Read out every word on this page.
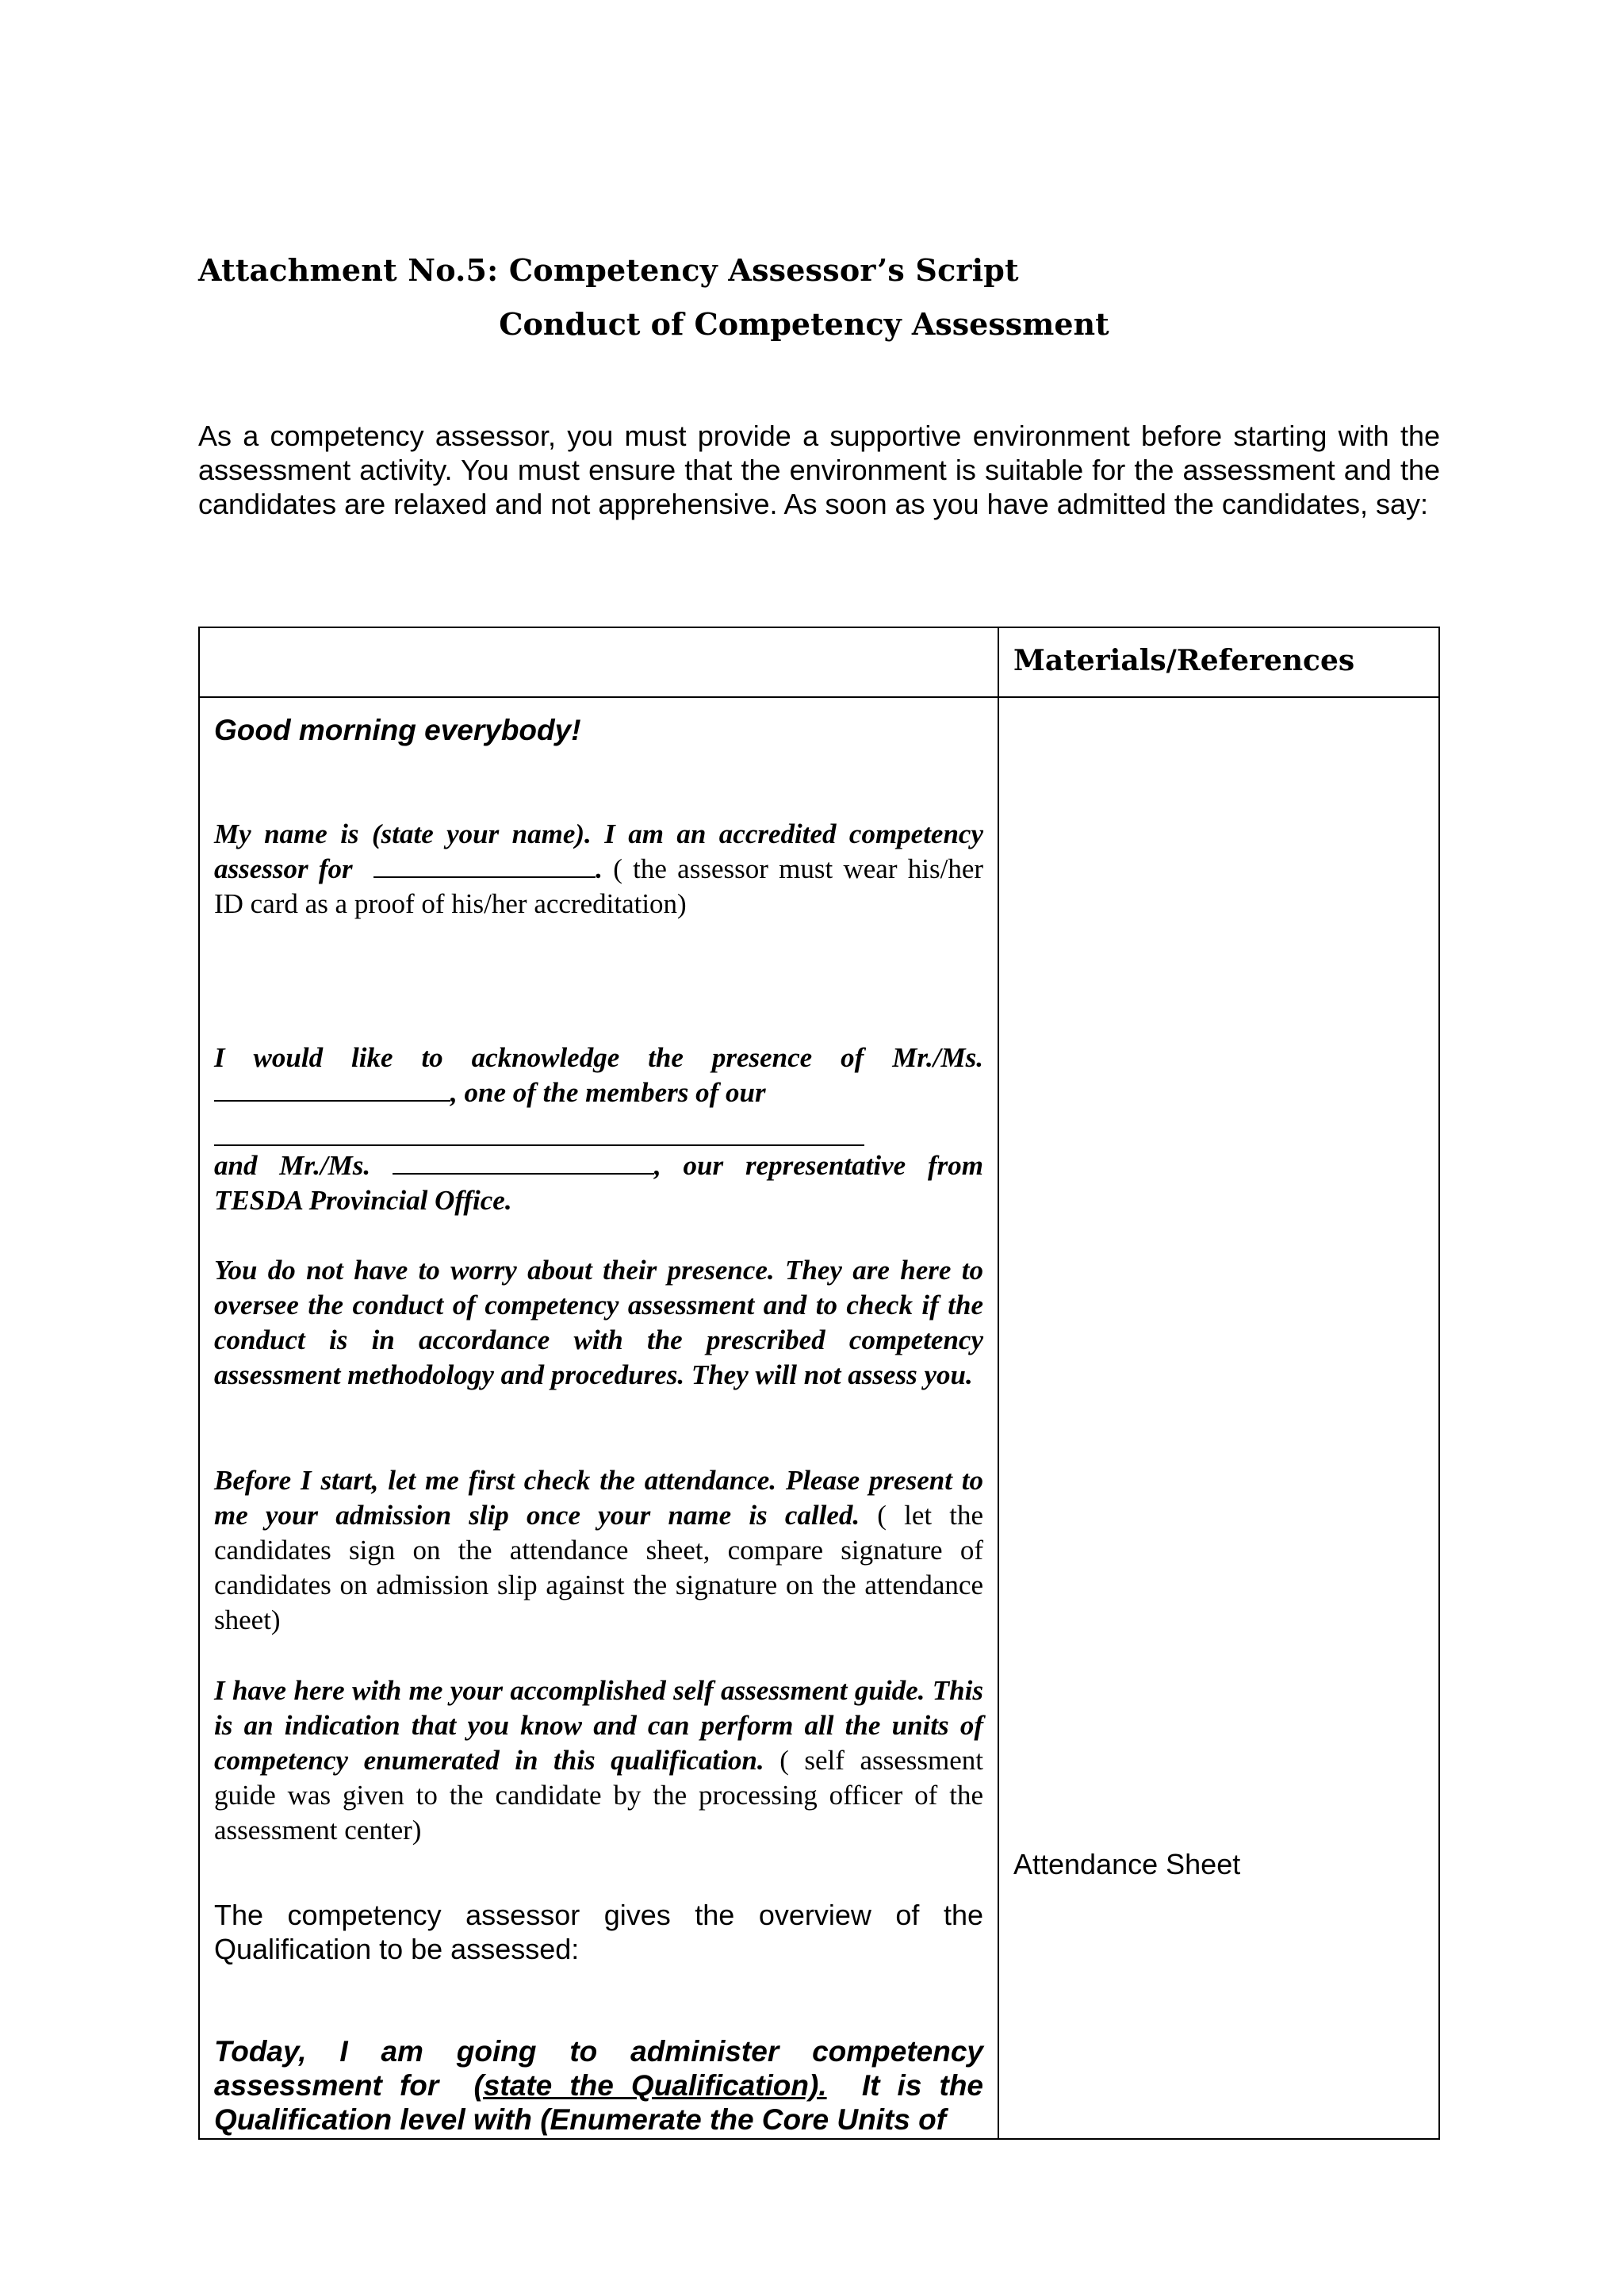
Attachment No.5: Competency Assessor’s Script
Conduct of Competency Assessment
As a competency assessor, you must provide a supportive environment before starting with the assessment activity. You must ensure that the environment is suitable for the assessment and the candidates are relaxed and not apprehensive. As soon as you have admitted the candidates, say:
Materials/References
Good morning everybody!
My name is (state your name). I am an accredited competency assessor for	. ( the assessor must wear his/her ID card as a proof of his/her accreditation)
I would like to acknowledge the presence of Mr./Ms. , one of the members of our
and Mr./Ms.	, our representative from TESDA Provincial Office.
You do not have to worry about their presence. They are here to oversee the conduct of competency assessment and to check if the conduct is in accordance with the prescribed competency assessment methodology and procedures. They will not assess you.
Before I start, let me first check the attendance. Please present to me your admission slip once your name is called. ( let the candidates sign on the attendance sheet, compare signature of candidates on admission slip against the signature on the attendance sheet)
I have here with me your accomplished self assessment guide. This is an indication that you know and can perform all the units of competency enumerated in this qualification. ( self assessment guide was given to the candidate by the processing officer of the assessment center)
The competency assessor gives the overview of the Qualification to be assessed:
Today, I am going to administer competency assessment for (state the Qualification). It is the Qualification level with (Enumerate the Core Units of
Attendance Sheet
